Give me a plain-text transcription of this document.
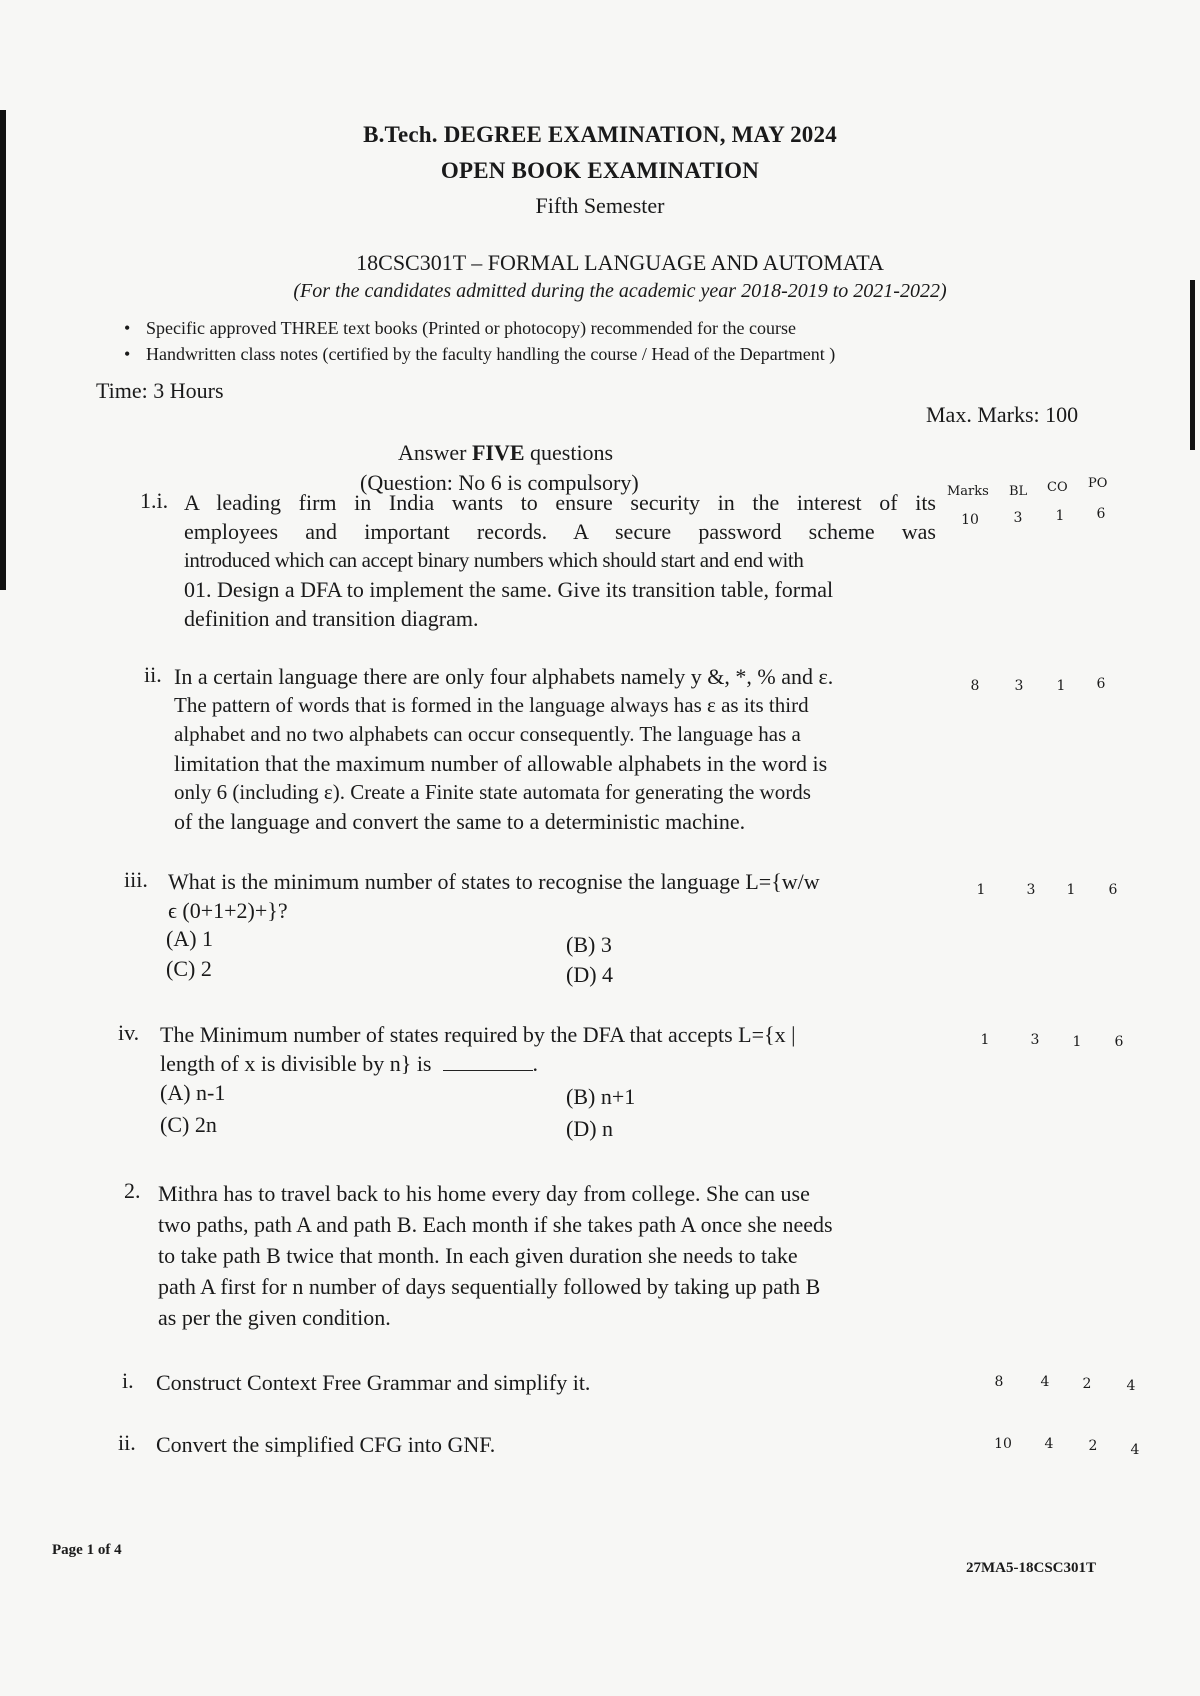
B.Tech. DEGREE EXAMINATION, MAY 2024
OPEN BOOK EXAMINATION
Fifth Semester
18CSC301T – FORMAL LANGUAGE AND AUTOMATA
(For the candidates admitted during the academic year 2018-2019 to 2021-2022)
• Specific approved THREE text books (Printed or photocopy) recommended for the course
• Handwritten class notes (certified by the faculty handling the course / Head of the Department )
Time: 3 Hours
Max. Marks: 100
Answer FIVE questions
(Question: No 6 is compulsory)	Marks BL CO PO
1.i. A leading firm in India wants to ensure security in the interest of its
employees and important records. A secure password scheme was
introduced which can accept binary numbers which should start and end with
01. Design a DFA to implement the same. Give its transition table, formal
definition and transition diagram.
10	3	1	6
ii. In a certain language there are only four alphabets namely y &, *, % and ε.
The pattern of words that is formed in the language always has ε as its third
alphabet and no two alphabets can occur consequently. The language has a
limitation that the maximum number of allowable alphabets in the word is
only 6 (including ε). Create a Finite state automata for generating the words
of the language and convert the same to a deterministic machine.
8	3	1	6
iii. What is the minimum number of states to recognise the language L={w/w
ϵ (0+1+2)+}?
(A) 1	(B) 3
(C) 2	(D) 4
1	3	1	6
iv. The Minimum number of states required by the DFA that accepts L={x |
length of x is divisible by n} is	.
(A) n-1	(B) n+1
(C) 2n	(D) n
1	3	1	6
2. Mithra has to travel back to his home every day from college. She can use
two paths, path A and path B. Each month if she takes path A once she needs
to take path B twice that month. In each given duration she needs to take
path A first for n number of days sequentially followed by taking up path B
as per the given condition.
i. Construct Context Free Grammar and simplify it.	8	4	2	4
ii. Convert the simplified CFG into GNF.	10	4	2	4
Page 1 of 4
27MA5-18CSC301T
